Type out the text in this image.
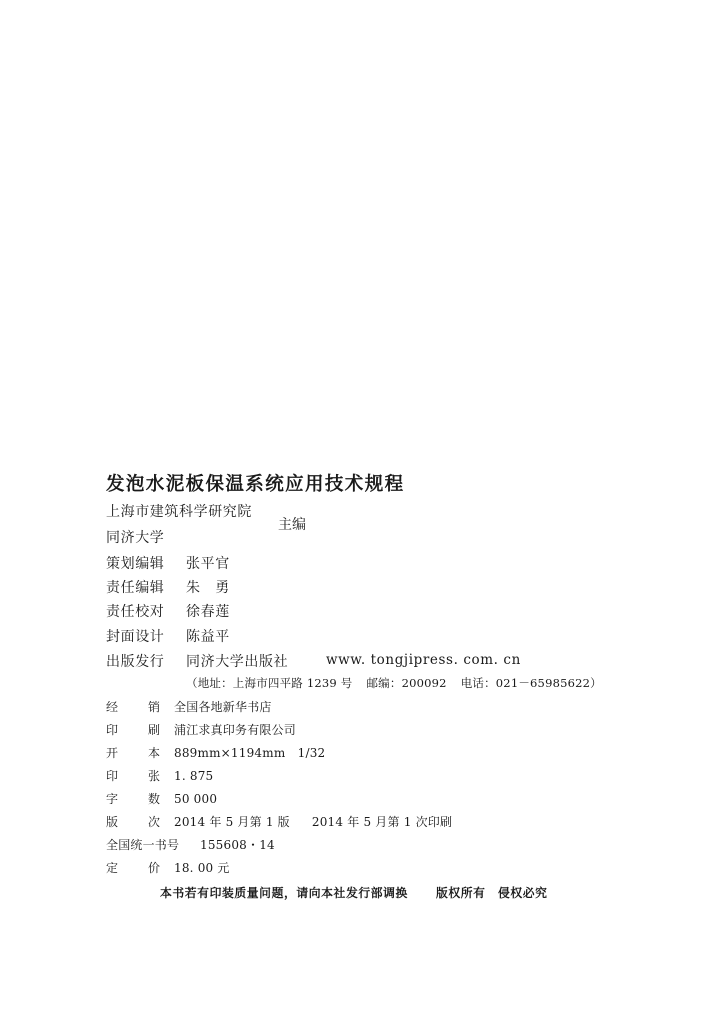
发泡水泥板保温系统应用技术规程
上海市建筑科学研究院
同济大学
主编
策划编辑 张平官
责任编辑 朱　勇
责任校对 徐春莲
封面设计 陈益平
出版发行 同济大学出版社	www. tongjipress. com. cn
（地址：上海市四平路 1239 号 邮编：200092 电话：021－65985622）
经 销 全国各地新华书店
印 刷 浦江求真印务有限公司
开 本 889mm×1194mm　1/32
印 张 1. 875
字 数 50 000
版 次 2014 年 5 月第 1 版 2014 年 5 月第 1 次印刷
全国统一书号 155608・14
定 价 18. 00 元
本书若有印装质量问题，请向本社发行部调换 版权所有　侵权必究
